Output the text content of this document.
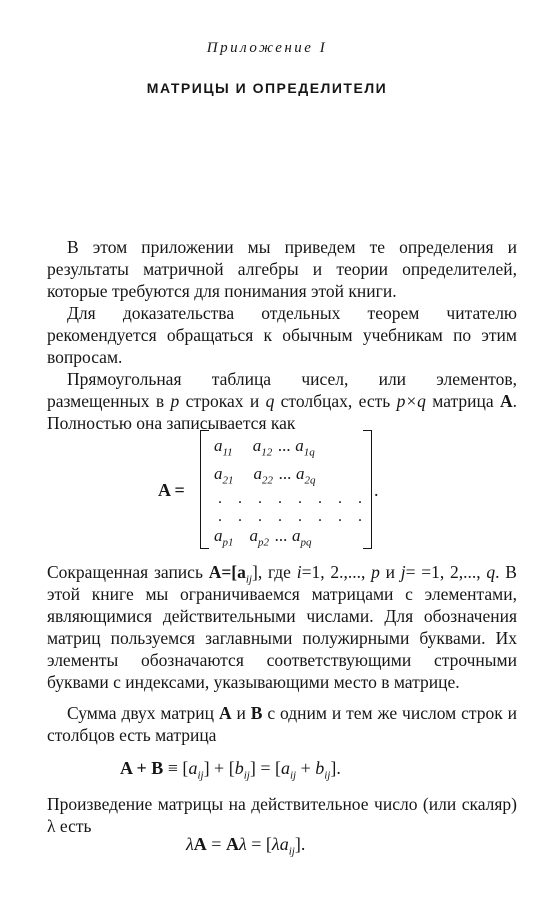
Приложение I
МАТРИЦЫ И ОПРЕДЕЛИТЕЛИ

В этом приложении мы приведем те определения и результаты матричной алгебры и теории определителей, которые требуются для понимания этой книги.

Для доказательства отдельных теорем читателю рекомендуется обращаться к обычным учебникам по этим вопросам.

Прямоугольная таблица чисел, или элементов, размещенных в p строках и q столбцах, есть p×q матрица A. Полностью она записывается как

A =	.
$a_{11}$ $a_{12}$ ... $a_{1q}$
$a_{21}$ $a_{22}$ ... $a_{2q}$
. . . . . . . .
. . . . . . . .
$a_{p1}$ $a_{p2}$ ... $a_{pq}$

Сокращенная запись $A=[a_{ij}]$, где i=1, 2.,..., p и j= =1, 2,..., q. В этой книге мы ограничиваемся матрицами с элементами, являющимися действительными числами. Для обозначения матриц пользуемся заглавными полужирными буквами. Их элементы обозначаются соответствующими строчными буквами с индексами, указывающими место в матрице.

Сумма двух матриц A и B с одним и тем же числом строк и столбцов есть матрица

$A + B \equiv [a_{ij}] + [b_{ij}] = [a_{ij} + b_{ij}]$.

Произведение матрицы на действительное число (или скаляр) λ есть

$\lambda A = A\lambda = [\lambda a_{ij}]$.
